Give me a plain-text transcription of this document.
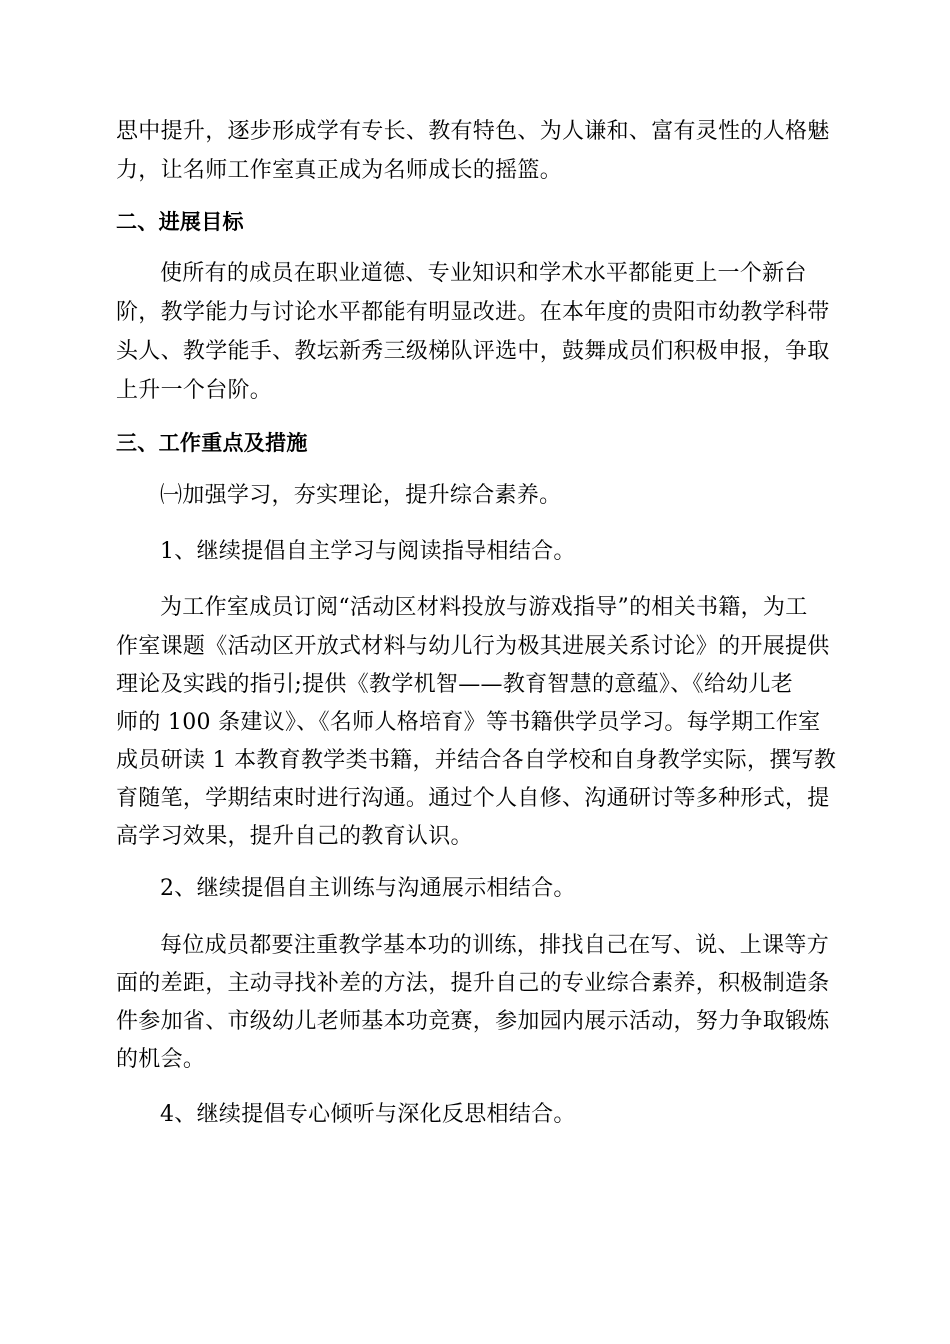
思中提升，逐步形成学有专长、教有特色、为人谦和、富有灵性的人格魅
力，让名师工作室真正成为名师成长的摇篮。
二、进展目标
使所有的成员在职业道德、专业知识和学术水平都能更上一个新台
阶，教学能力与讨论水平都能有明显改进。在本年度的贵阳市幼教学科带
头人、教学能手、教坛新秀三级梯队评选中，鼓舞成员们积极申报，争取
上升一个台阶。
三、工作重点及措施
㈠加强学习，夯实理论，提升综合素养。
1、继续提倡自主学习与阅读指导相结合。
为工作室成员订阅“活动区材料投放与游戏指导”的相关书籍，为工
作室课题《活动区开放式材料与幼儿行为极其进展关系讨论》的开展提供
理论及实践的指引;提供《教学机智——教育智慧的意蕴》、《给幼儿老
师的 100 条建议》、《名师人格培育》等书籍供学员学习。每学期工作室
成员研读 1 本教育教学类书籍，并结合各自学校和自身教学实际，撰写教
育随笔，学期结束时进行沟通。通过个人自修、沟通研讨等多种形式，提
高学习效果，提升自己的教育认识。
2、继续提倡自主训练与沟通展示相结合。
每位成员都要注重教学基本功的训练，排找自己在写、说、上课等方
面的差距，主动寻找补差的方法，提升自己的专业综合素养，积极制造条
件参加省、市级幼儿老师基本功竞赛，参加园内展示活动，努力争取锻炼
的机会。
4、继续提倡专心倾听与深化反思相结合。
